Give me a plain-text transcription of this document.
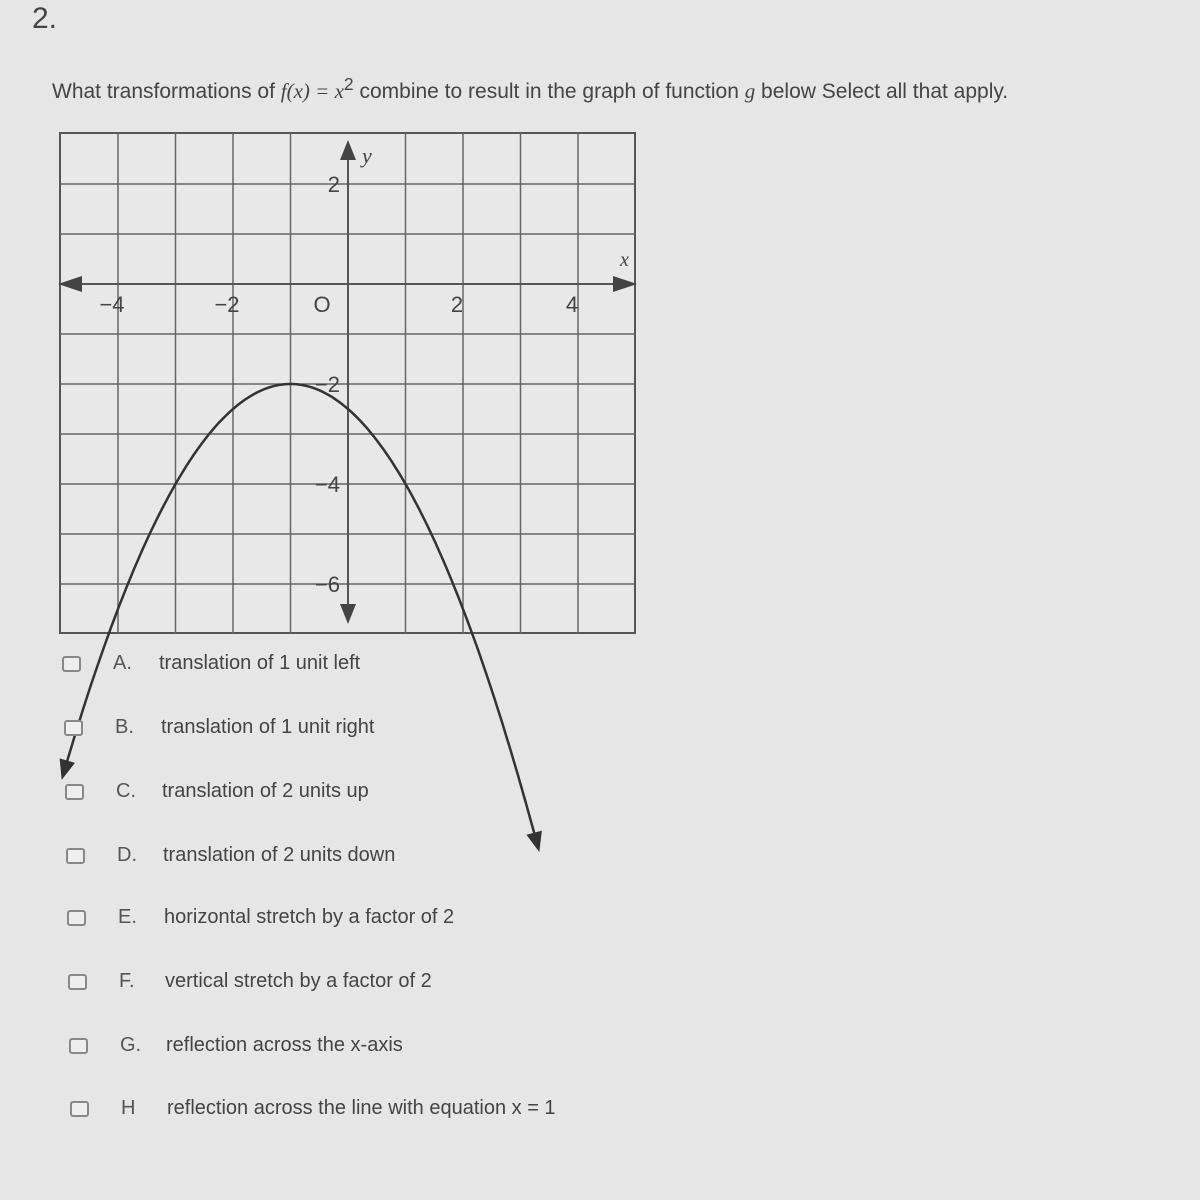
2.
What transformations of $f(x) = x^2$ combine to result in the graph of function g below Select all that apply.
x
y
−4	−2	O	2	4
2
−2
−4
−6
A.	translation of 1 unit left
B.	translation of 1 unit right
C.	translation of 2 units up
D.	translation of 2 units down
E.	horizontal stretch by a factor of 2
F.	vertical stretch by a factor of 2
G.	reflection across the x-axis
H	reflection across the line with equation x = 1
